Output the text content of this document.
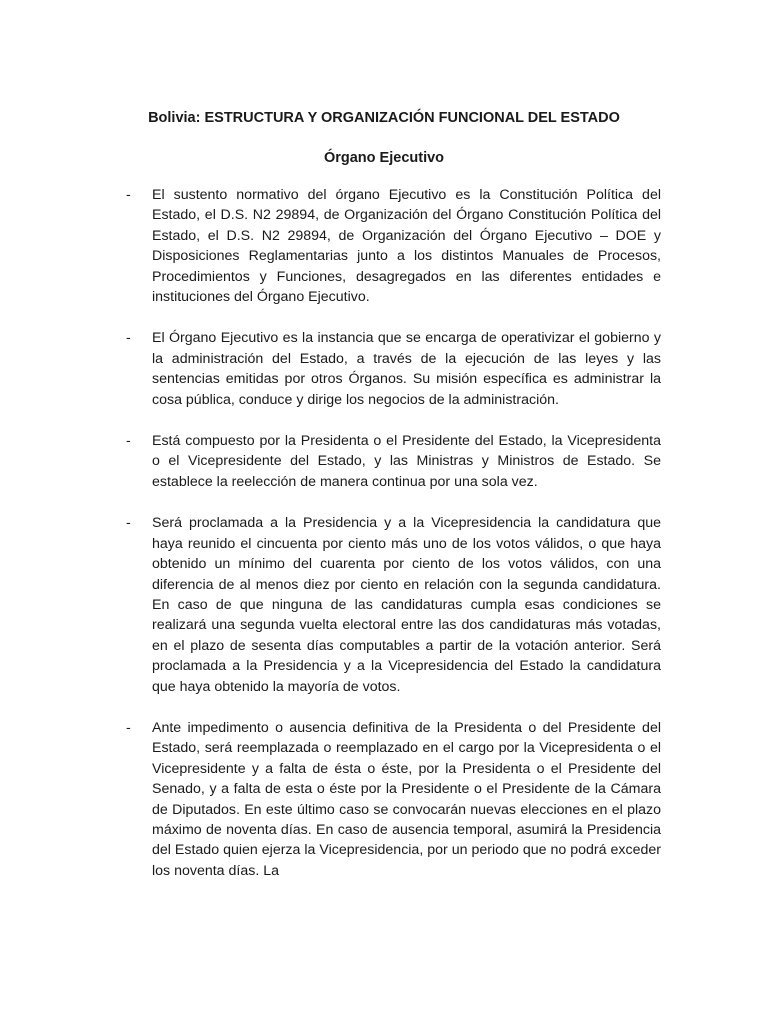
Bolivia: ESTRUCTURA Y ORGANIZACIÓN FUNCIONAL DEL ESTADO
Órgano Ejecutivo
- El sustento normativo del órgano Ejecutivo es la Constitución Política del Estado, el D.S. N2 29894, de Organización del Órgano Constitución Política del Estado, el D.S. N2 29894, de Organización del Órgano Ejecutivo – DOE y Disposiciones Reglamentarias junto a los distintos Manuales de Procesos, Procedimientos y Funciones, desagregados en las diferentes entidades e instituciones del Órgano Ejecutivo.
- El Órgano Ejecutivo es la instancia que se encarga de operativizar el gobierno y la administración del Estado, a través de la ejecución de las leyes y las sentencias emitidas por otros Órganos. Su misión específica es administrar la cosa pública, conduce y dirige los negocios de la administración.
- Está compuesto por la Presidenta o el Presidente del Estado, la Vicepresidenta o el Vicepresidente del Estado, y las Ministras y Ministros de Estado. Se establece la reelección de manera continua por una sola vez.
- Será proclamada a la Presidencia y a la Vicepresidencia la candidatura que haya reunido el cincuenta por ciento más uno de los votos válidos, o que haya obtenido un mínimo del cuarenta por ciento de los votos válidos, con una diferencia de al menos diez por ciento en relación con la segunda candidatura. En caso de que ninguna de las candidaturas cumpla esas condiciones se realizará una segunda vuelta electoral entre las dos candidaturas más votadas, en el plazo de sesenta días computables a partir de la votación anterior. Será proclamada a la Presidencia y a la Vicepresidencia del Estado la candidatura que haya obtenido la mayoría de votos.
- Ante impedimento o ausencia definitiva de la Presidenta o del Presidente del Estado, será reemplazada o reemplazado en el cargo por la Vicepresidenta o el Vicepresidente y a falta de ésta o éste, por la Presidenta o el Presidente del Senado, y a falta de esta o éste por la Presidente o el Presidente de la Cámara de Diputados. En este último caso se convocarán nuevas elecciones en el plazo máximo de noventa días. En caso de ausencia temporal, asumirá la Presidencia del Estado quien ejerza la Vicepresidencia, por un periodo que no podrá exceder los noventa días. La
